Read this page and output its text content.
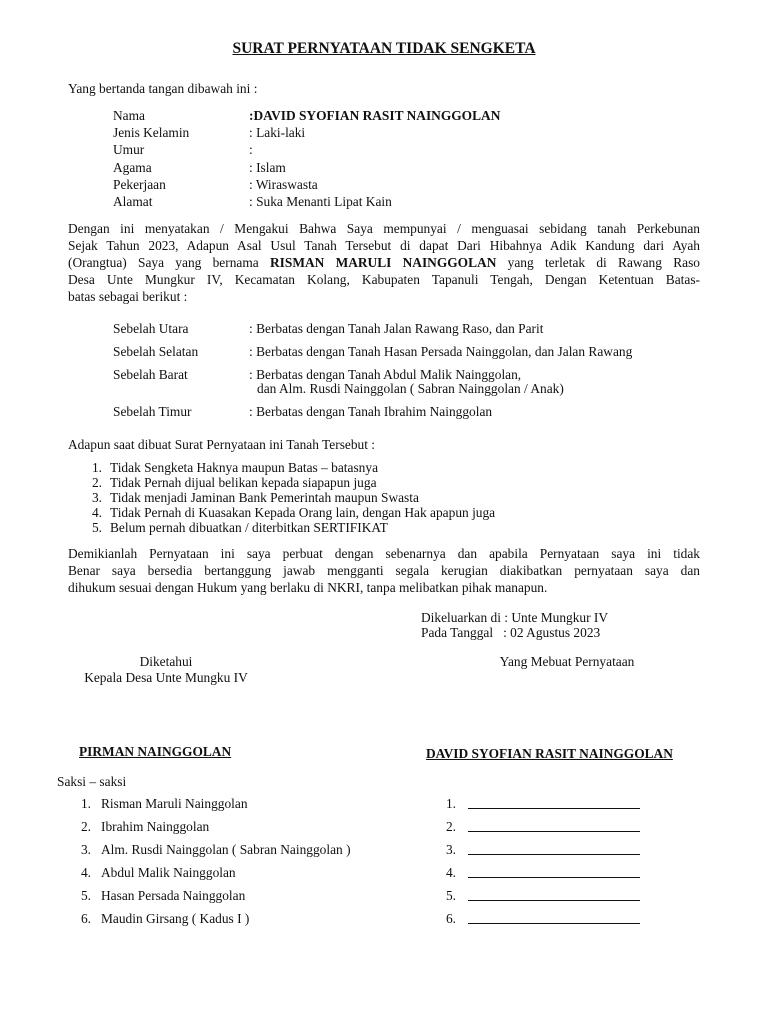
SURAT PERNYATAAN TIDAK SENGKETA
Yang bertanda tangan dibawah ini :
Nama	:DAVID SYOFIAN RASIT NAINGGOLAN
Jenis Kelamin	: Laki-laki
Umur	:
Agama	: Islam
Pekerjaan	: Wiraswasta
Alamat	: Suka Menanti Lipat Kain
Dengan ini menyatakan / Mengakui Bahwa Saya mempunyai / menguasai sebidang tanah Perkebunan
Sejak Tahun 2023, Adapun Asal Usul Tanah Tersebut di dapat Dari Hibahnya Adik Kandung dari Ayah
(Orangtua) Saya yang bernama RISMAN MARULI NAINGGOLAN yang terletak di Rawang Raso
Desa Unte Mungkur IV, Kecamatan Kolang, Kabupaten Tapanuli Tengah, Dengan Ketentuan Batas-
batas sebagai berikut :
Sebelah Utara	: Berbatas dengan Tanah Jalan Rawang Raso, dan Parit
Sebelah Selatan	: Berbatas dengan Tanah Hasan Persada Nainggolan, dan Jalan Rawang
Sebelah Barat	: Berbatas dengan Tanah Abdul Malik Nainggolan,
dan Alm. Rusdi Nainggolan ( Sabran Nainggolan / Anak)
Sebelah Timur	: Berbatas dengan Tanah Ibrahim Nainggolan
Adapun saat dibuat Surat Pernyataan ini Tanah Tersebut :
1. Tidak Sengketa Haknya maupun Batas – batasnya
2. Tidak Pernah dijual belikan kepada siapapun juga
3. Tidak menjadi Jaminan Bank Pemerintah maupun Swasta
4. Tidak Pernah di Kuasakan Kepada Orang lain, dengan Hak apapun juga
5. Belum pernah dibuatkan / diterbitkan SERTIFIKAT
Demikianlah Pernyataan ini saya perbuat dengan sebenarnya dan apabila Pernyataan saya ini tidak
Benar saya bersedia bertanggung jawab mengganti segala kerugian diakibatkan pernyataan saya dan
dihukum sesuai dengan Hukum yang berlaku di NKRI, tanpa melibatkan pihak manapun.
Dikeluarkan di : Unte Mungkur IV
Pada Tanggal   : 02 Agustus 2023
Diketahui
Kepala Desa Unte Mungku IV
Yang Mebuat Pernyataan
PIRMAN NAINGGOLAN	DAVID SYOFIAN RASIT NAINGGOLAN
Saksi – saksi
1. Risman Maruli Nainggolan
2. Ibrahim Nainggolan
3. Alm. Rusdi Nainggolan ( Sabran Nainggolan )
4. Abdul Malik Nainggolan
5. Hasan Persada Nainggolan
6. Maudin Girsang ( Kadus I )
1.
2.
3.
4.
5.
6.
